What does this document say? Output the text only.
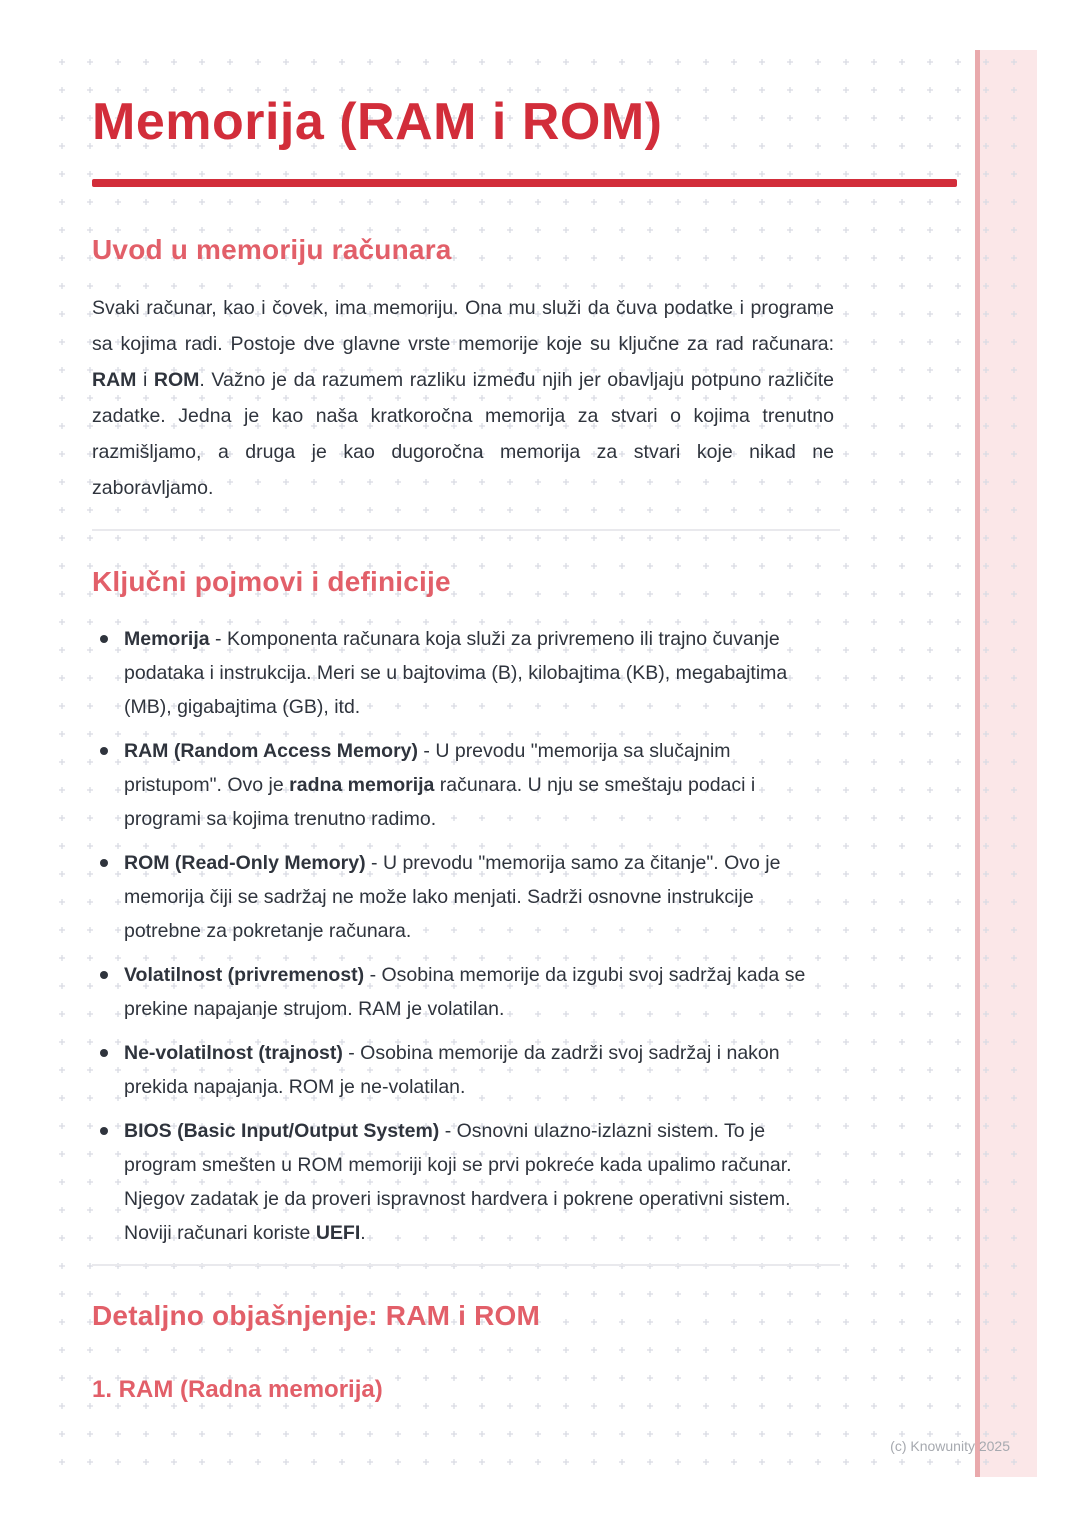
Memorija (RAM i ROM)
Uvod u memoriju računara

Svaki računar, kao i čovek, ima memoriju. Ona mu služi da čuva podatke i programe sa kojima radi. Postoje dve glavne vrste memorije koje su ključne za rad računara: RAM i ROM. Važno je da razumem razliku između njih jer obavljaju potpuno različite zadatke. Jedna je kao naša kratkoročna memorija za stvari o kojima trenutno razmišljamo, a druga je kao dugoročna memorija za stvari koje nikad ne zaboravljamo.

Ključni pojmovi i definicije
Memorija - Komponenta računara koja služi za privremeno ili trajno čuvanje podataka i instrukcija. Meri se u bajtovima (B), kilobajtima (KB), megabajtima (MB), gigabajtima (GB), itd.
RAM (Random Access Memory) - U prevodu "memorija sa slučajnim pristupom". Ovo je radna memorija računara. U nju se smeštaju podaci i programi sa kojima trenutno radimo.
ROM (Read-Only Memory) - U prevodu "memorija samo za čitanje". Ovo je memorija čiji se sadržaj ne može lako menjati. Sadrži osnovne instrukcije potrebne za pokretanje računara.
Volatilnost (privremenost) - Osobina memorije da izgubi svoj sadržaj kada se prekine napajanje strujom. RAM je volatilan.
Ne-volatilnost (trajnost) - Osobina memorije da zadrži svoj sadržaj i nakon prekida napajanja. ROM je ne-volatilan.
BIOS (Basic Input/Output System) - Osnovni ulazno-izlazni sistem. To je program smešten u ROM memoriji koji se prvi pokreće kada upalimo računar. Njegov zadatak je da proveri ispravnost hardvera i pokrene operativni sistem. Noviji računari koriste UEFI.
Detaljno objašnjenje: RAM i ROM
1. RAM (Radna memorija)

(c) Knowunity 2025
